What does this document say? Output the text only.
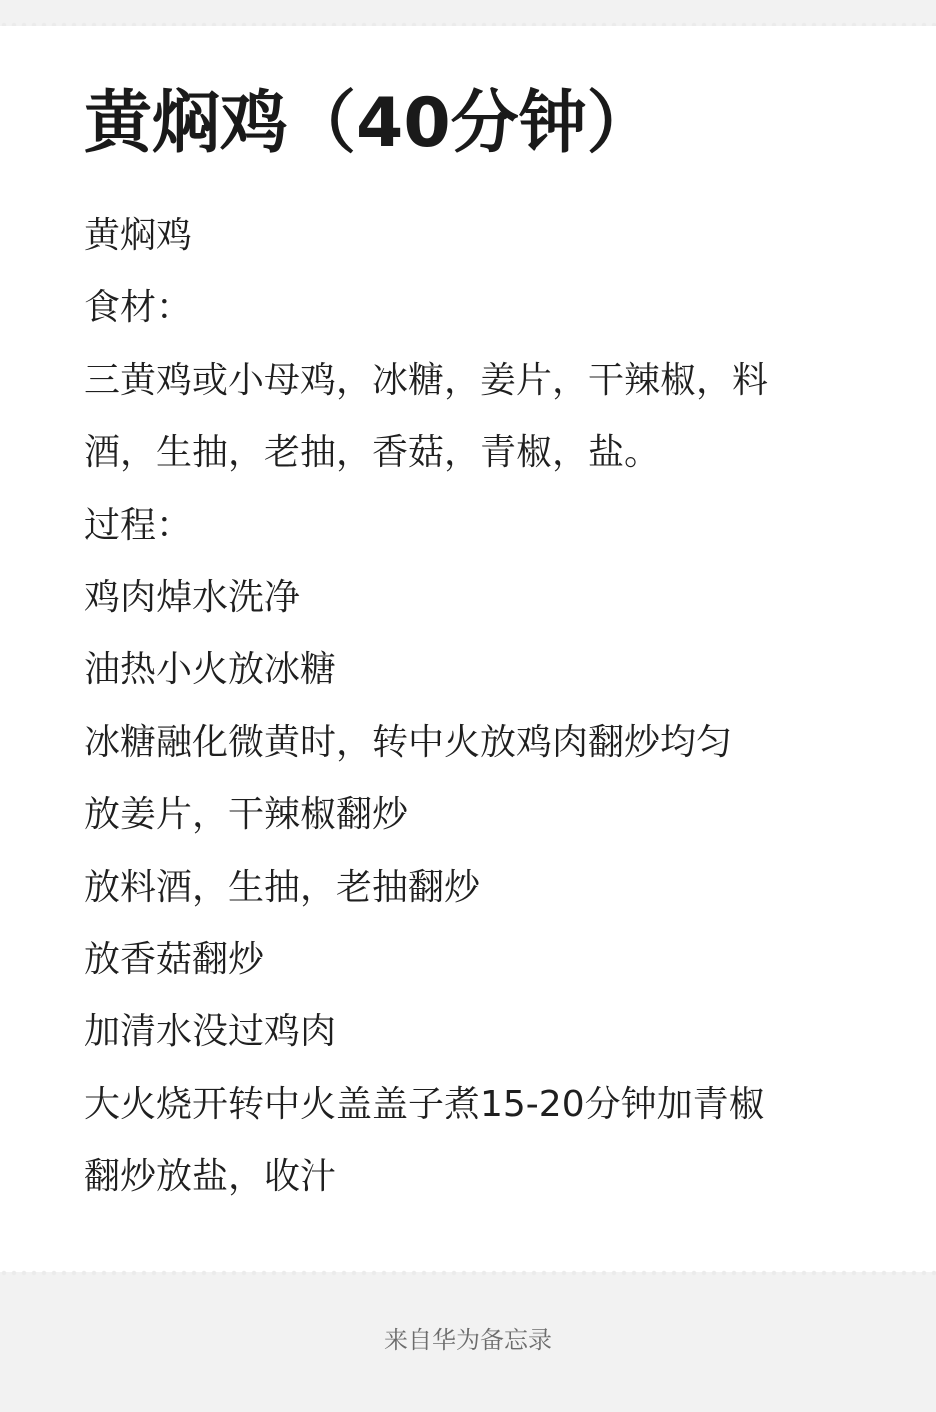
黄焖鸡（40分钟）
黄焖鸡
食材：
三黄鸡或小母鸡，冰糖，姜片，干辣椒，料
酒，生抽，老抽，香菇，青椒，盐。
过程：
鸡肉焯水洗净
油热小火放冰糖
冰糖融化微黄时，转中火放鸡肉翻炒均匀
放姜片，干辣椒翻炒
放料酒，生抽，老抽翻炒
放香菇翻炒
加清水没过鸡肉
大火烧开转中火盖盖子煮15-20分钟加青椒
翻炒放盐，收汁
来自华为备忘录
